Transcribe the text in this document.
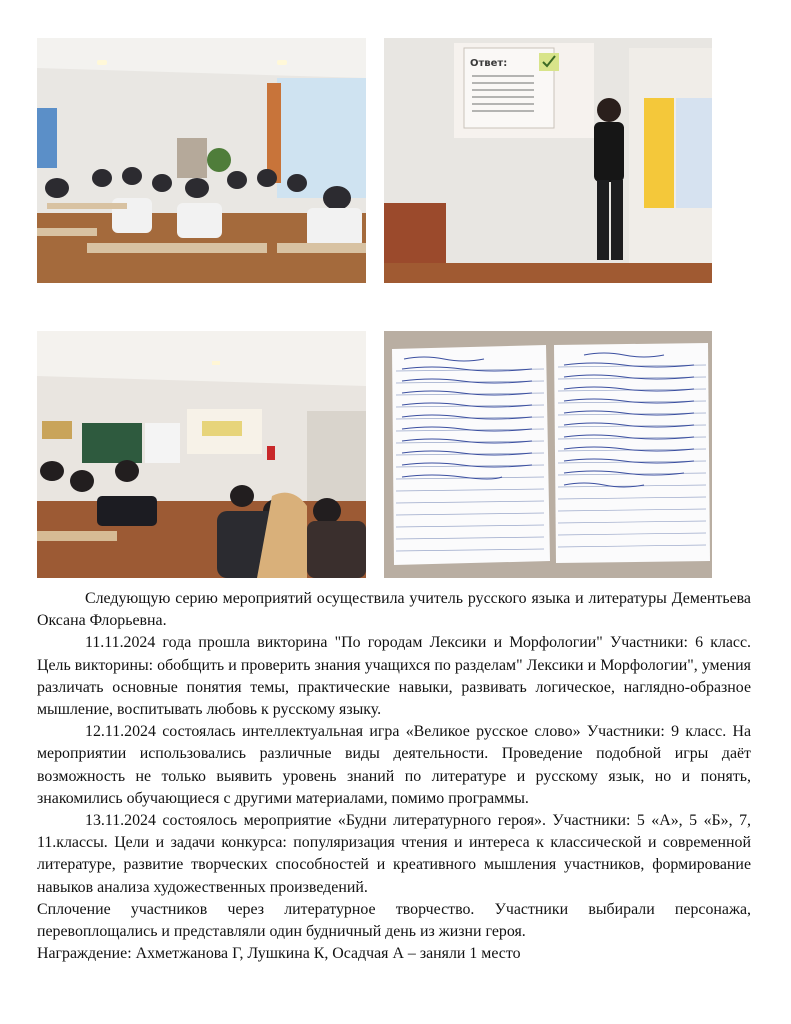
Ответ:

Следующую серию мероприятий осуществила учитель русского языка и литературы Дементьева Оксана Флорьевна.

11.11.2024 года прошла викторина "По городам Лексики и Морфологии" Участники: 6 класс. Цель викторины: обобщить и проверить знания учащихся по разделам" Лексики и Морфологии", умения различать основные понятия темы, практические навыки, развивать логическое, наглядно-образное мышление, воспитывать любовь к русскому языку.

12.11.2024 состоялась интеллектуальная игра «Великое русское слово» Участники: 9 класс. На мероприятии использовались различные виды деятельности. Проведение подобной игры даёт возможность не только выявить уровень знаний по литературе и русскому язык, но и понять, знакомились обучающиеся с другими материалами, помимо программы.

13.11.2024 состоялось мероприятие «Будни литературного героя». Участники: 5 «А», 5 «Б», 7, 11.классы. Цели и задачи конкурса: популяризация чтения и интереса к классической и современной литературе, развитие творческих способностей и креативного мышления участников, формирование навыков анализа художественных произведений.

Сплочение участников через литературное творчество. Участники выбирали персонажа, перевоплощались и представляли один будничный день из жизни героя.

Награждение: Ахметжанова Г, Лушкина К, Осадчая А – заняли 1 место
